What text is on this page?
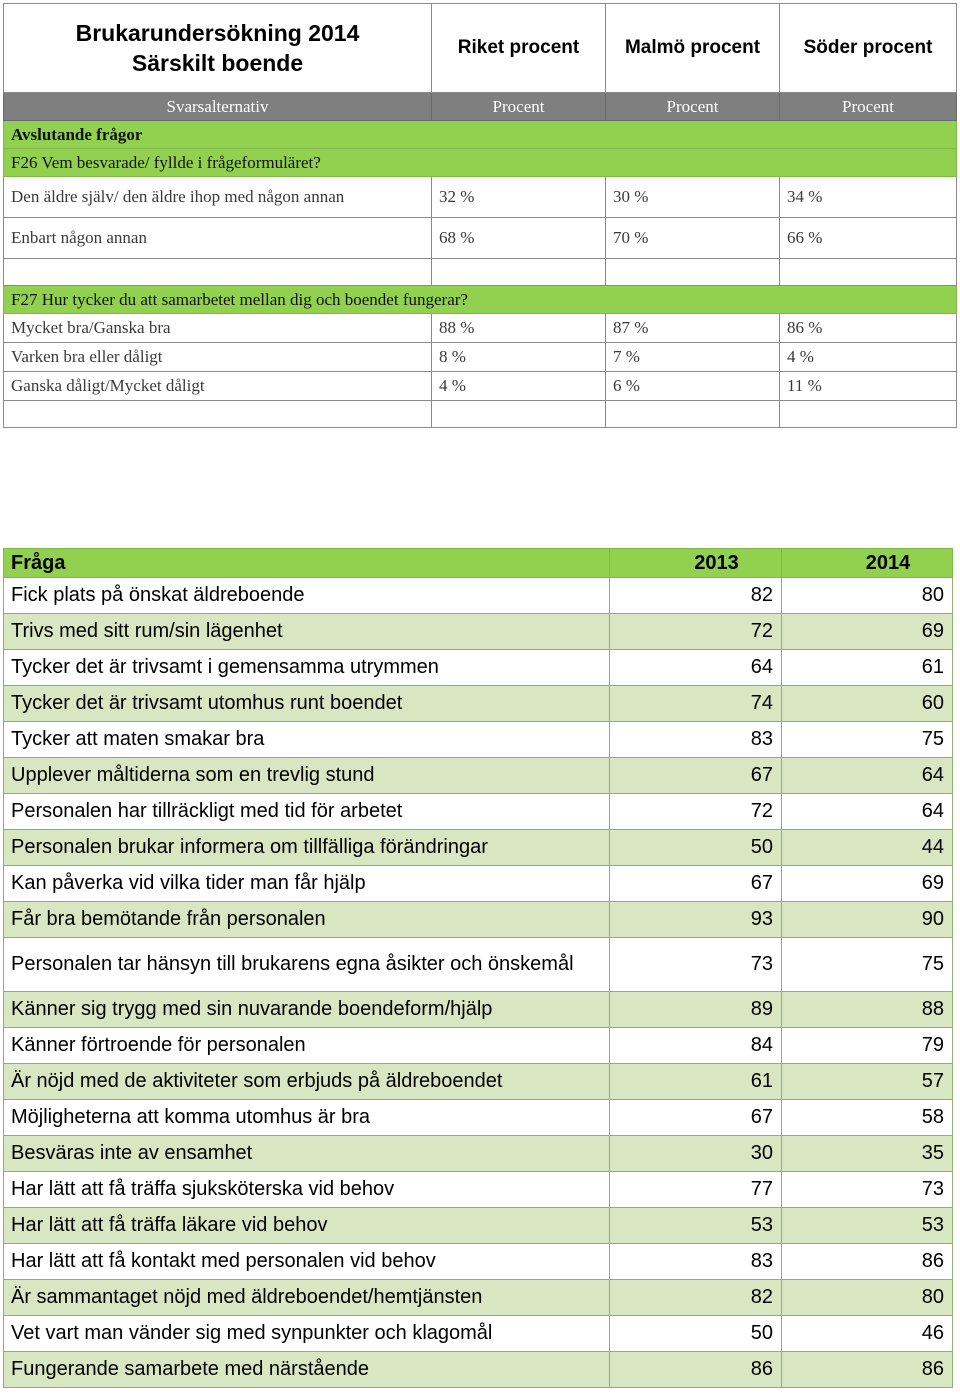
Brukarundersökning 2014
Särskilt boende	Riket procent	Malmö procent	Söder procent
Svarsalternativ	Procent	Procent	Procent
Avslutande frågor			
F26 Vem besvarade/ fyllde i frågeformuläret?			
Den äldre själv/ den äldre ihop med någon annan	32 %	30 %	34 %
Enbart någon annan	68 %	70 %	66 %

F27 Hur tycker du att samarbetet mellan dig och boendet fungerar?			
Mycket bra/Ganska bra	88 %	87 %	86 %
Varken bra eller dåligt	8 %	7 %	4 %
Ganska dåligt/Mycket dåligt	4 %	6 %	11 %

Fråga	2013	2014
Fick plats på önskat äldreboende	82	80
Trivs med sitt rum/sin lägenhet	72	69
Tycker det är trivsamt i gemensamma utrymmen	64	61
Tycker det är trivsamt utomhus runt boendet	74	60
Tycker att maten smakar bra	83	75
Upplever måltiderna som en trevlig stund	67	64
Personalen har tillräckligt med tid för arbetet	72	64
Personalen brukar informera om tillfälliga förändringar	50	44
Kan påverka vid vilka tider man får hjälp	67	69
Får bra bemötande från personalen	93	90
Personalen tar hänsyn till brukarens egna åsikter och önskemål	73	75
Känner sig trygg med sin nuvarande boendeform/hjälp	89	88
Känner förtroende för personalen	84	79
Är nöjd med de aktiviteter som erbjuds på äldreboendet	61	57
Möjligheterna att komma utomhus är bra	67	58
Besväras inte av ensamhet	30	35
Har lätt att få träffa sjuksköterska vid behov	77	73
Har lätt att få träffa läkare vid behov	53	53
Har lätt att få kontakt med personalen vid behov	83	86
Är sammantaget nöjd med äldreboendet/hemtjänsten	82	80
Vet vart man vänder sig med synpunkter och klagomål	50	46
Fungerande samarbete med närstående	86	86
